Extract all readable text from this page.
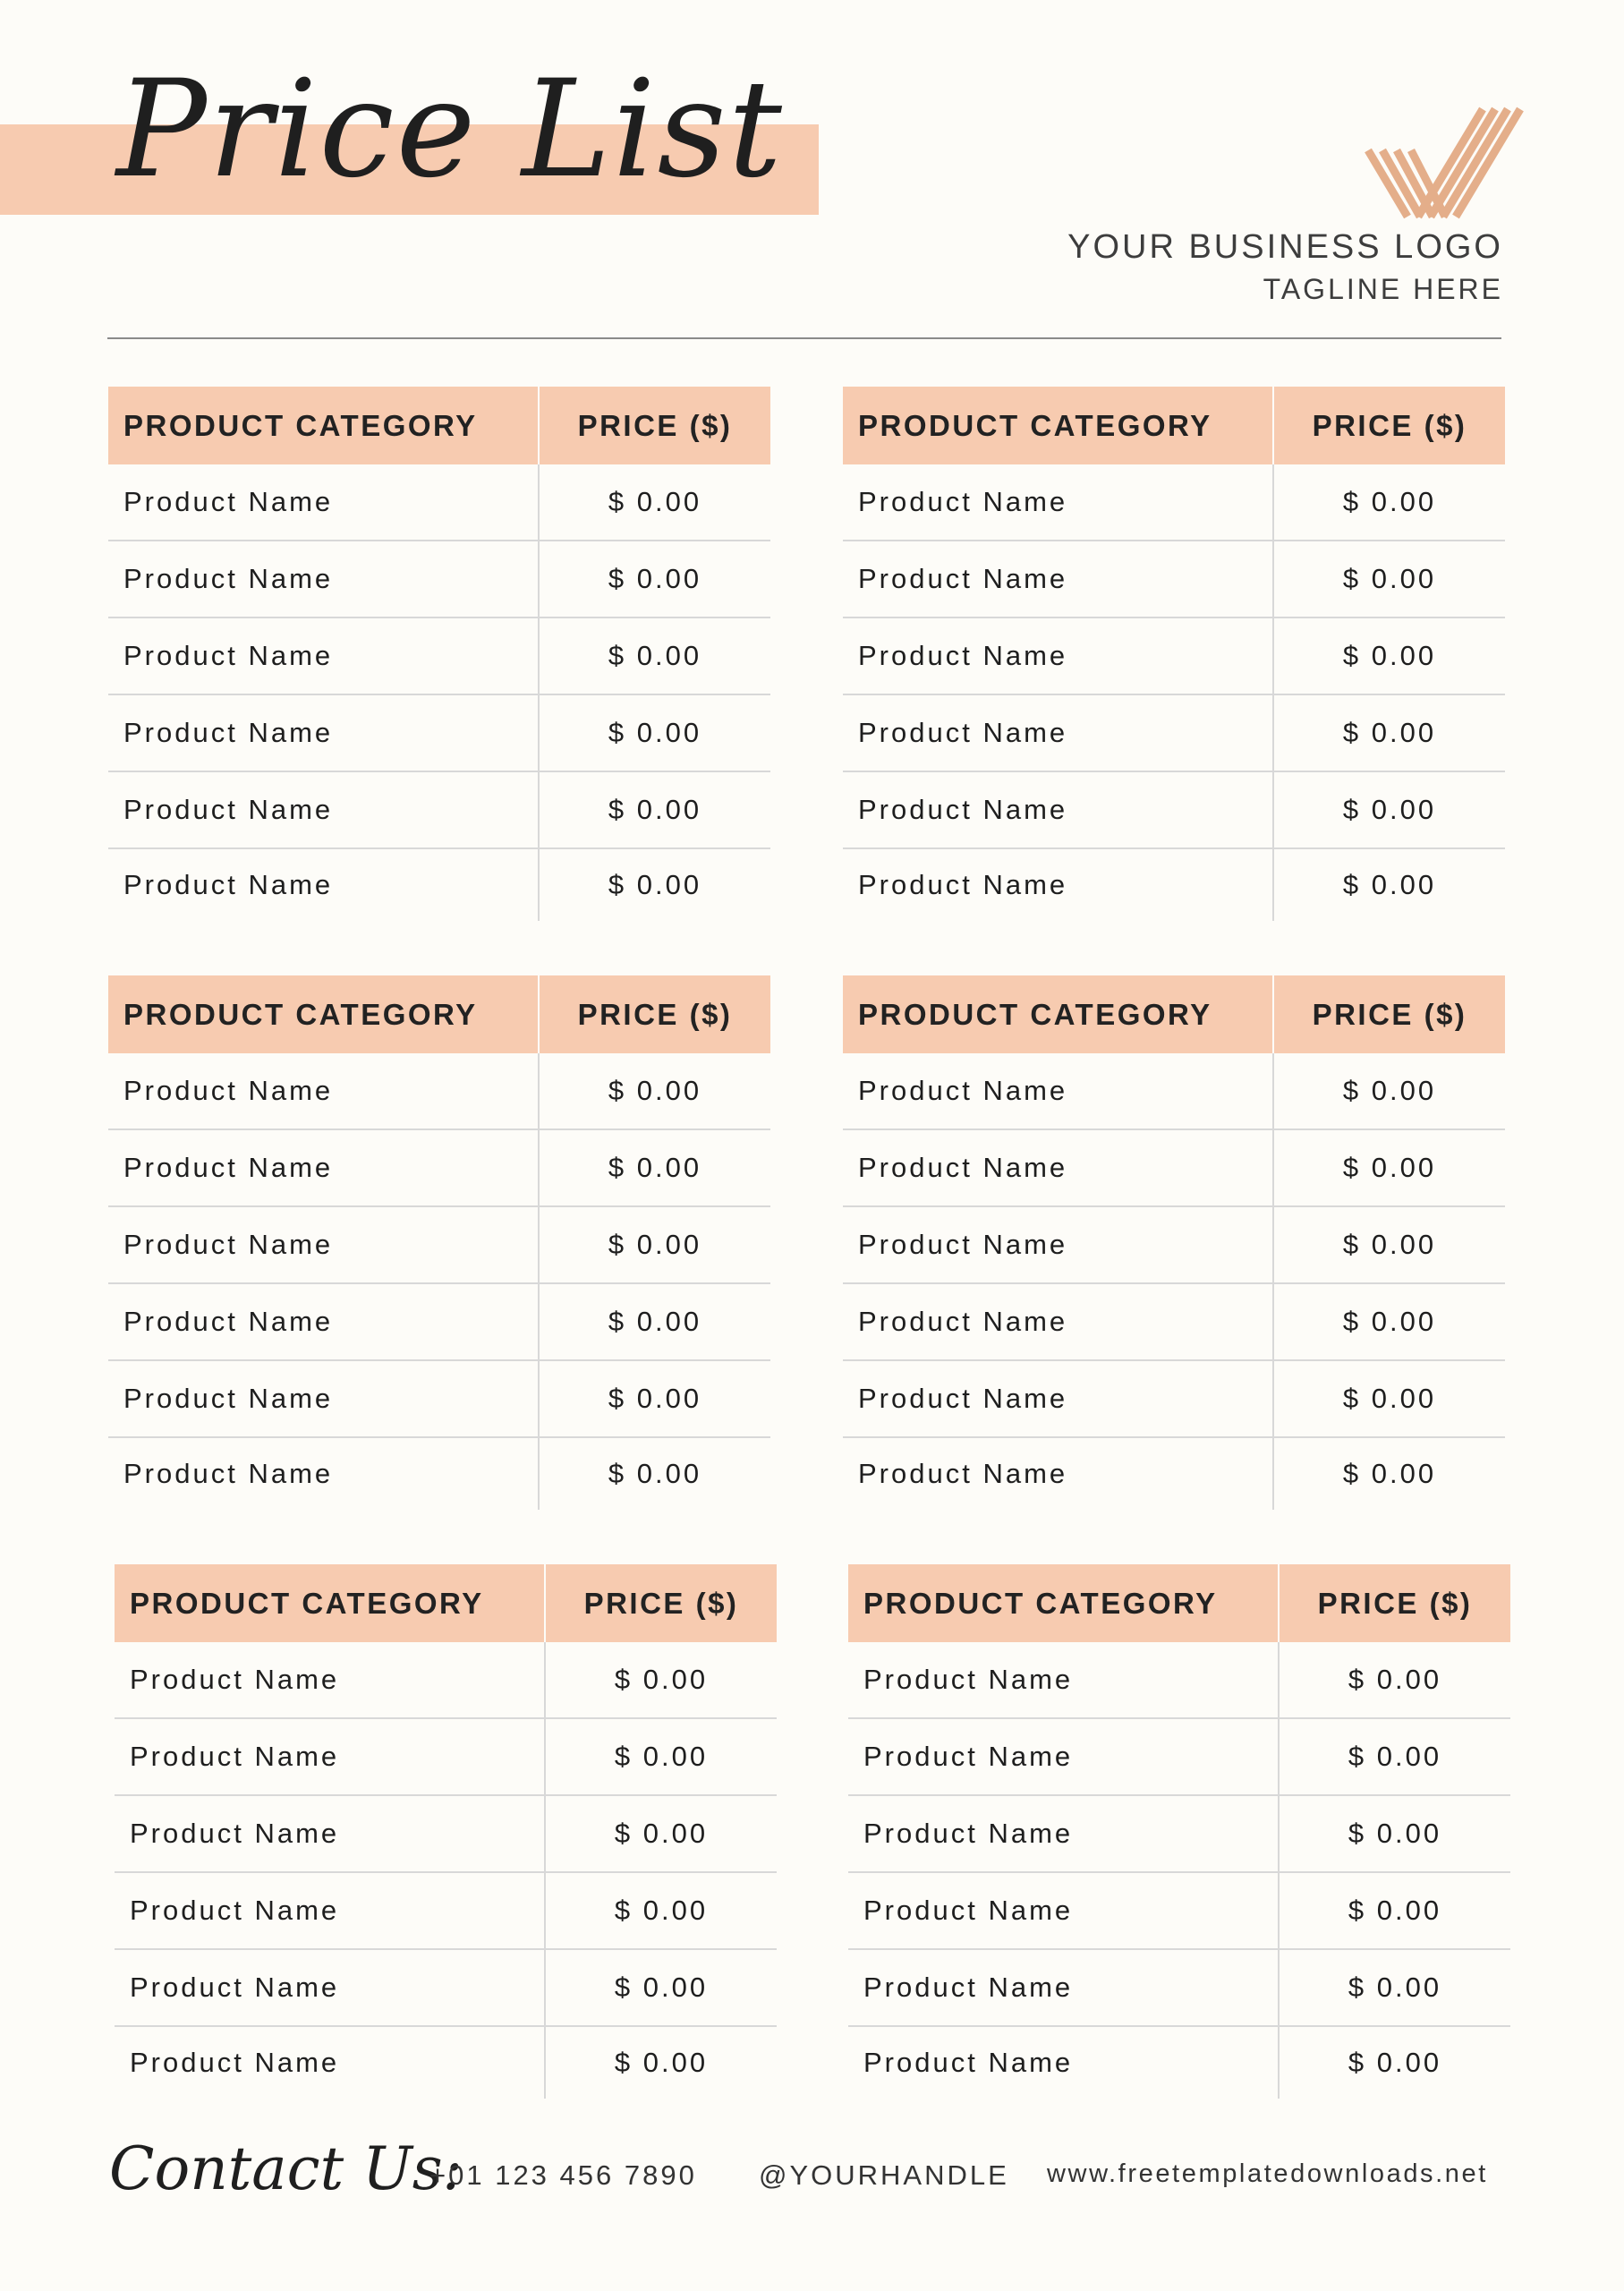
Price List
YOUR BUSINESS LOGO
TAGLINE HERE
PRODUCT CATEGORY	PRICE ($)
Product Name	$ 0.00
Product Name	$ 0.00
Product Name	$ 0.00
Product Name	$ 0.00
Product Name	$ 0.00
Product Name	$ 0.00
PRODUCT CATEGORY	PRICE ($)
Product Name	$ 0.00
Product Name	$ 0.00
Product Name	$ 0.00
Product Name	$ 0.00
Product Name	$ 0.00
Product Name	$ 0.00
PRODUCT CATEGORY	PRICE ($)
Product Name	$ 0.00
Product Name	$ 0.00
Product Name	$ 0.00
Product Name	$ 0.00
Product Name	$ 0.00
Product Name	$ 0.00
PRODUCT CATEGORY	PRICE ($)
Product Name	$ 0.00
Product Name	$ 0.00
Product Name	$ 0.00
Product Name	$ 0.00
Product Name	$ 0.00
Product Name	$ 0.00
PRODUCT CATEGORY	PRICE ($)
Product Name	$ 0.00
Product Name	$ 0.00
Product Name	$ 0.00
Product Name	$ 0.00
Product Name	$ 0.00
Product Name	$ 0.00
PRODUCT CATEGORY	PRICE ($)
Product Name	$ 0.00
Product Name	$ 0.00
Product Name	$ 0.00
Product Name	$ 0.00
Product Name	$ 0.00
Product Name	$ 0.00
Contact Us:
+01 123 456 7890 @YOURHANDLE www.freetemplatedownloads.net
